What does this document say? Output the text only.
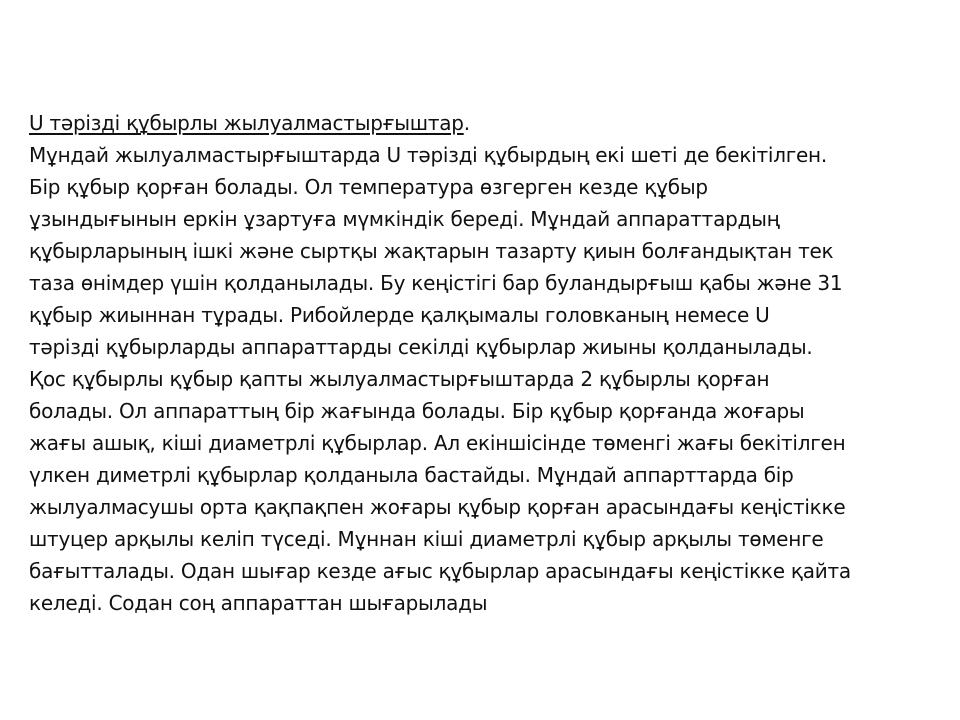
U тәрізді құбырлы жылуалмастырғыштар.
Мұндай жылуалмастырғыштарда U тәрізді құбырдың екі шеті де бекітілген.
Бір құбыр қорған болады. Ол температура өзгерген кезде құбыр
ұзындығынын еркін ұзартуға мүмкіндік береді. Мұндай аппараттардың
құбырларының ішкі және сыртқы жақтарын тазарту қиын болғандықтан тек
таза өнімдер үшін қолданылады. Бу кеңістігі бар буландырғыш қабы және 31
құбыр жиыннан тұрады. Рибойлерде қалқымалы головканың немесе U
тәрізді құбырларды аппараттарды секілді құбырлар жиыны қолданылады.
Қос құбырлы құбыр қапты жылуалмастырғыштарда 2 құбырлы қорған
болады. Ол аппараттың бір жағында болады. Бір құбыр қорғанда жоғары
жағы ашық, кіші диаметрлі құбырлар. Ал екіншісінде төменгі жағы бекітілген
үлкен диметрлі құбырлар қолданыла бастайды. Мұндай аппарттарда бір
жылуалмасушы орта қақпақпен жоғары құбыр қорған арасындағы кеңістікке
штуцер арқылы келіп түседі. Мұннан кіші диаметрлі құбыр арқылы төменге
бағытталады. Одан шығар кезде ағыс құбырлар арасындағы кеңістікке қайта
келеді. Содан соң аппараттан шығарылады
